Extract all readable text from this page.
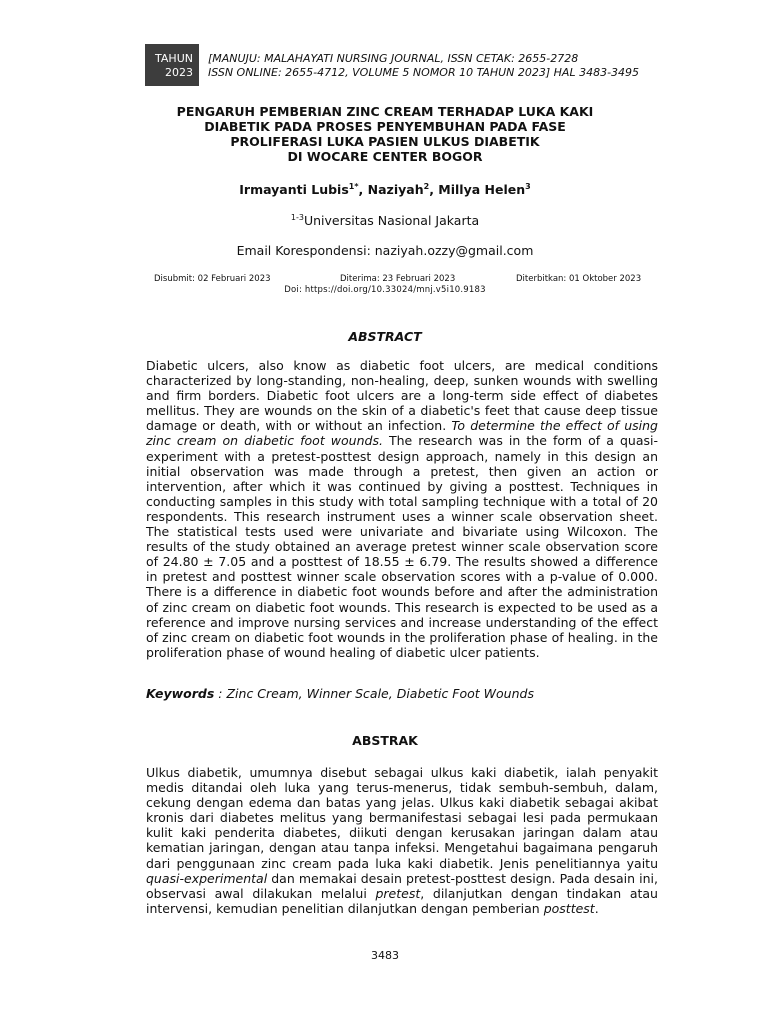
TAHUN
2023
[MANUJU: MALAHAYATI NURSING JOURNAL, ISSN CETAK: 2655-2728
ISSN ONLINE: 2655-4712, VOLUME 5 NOMOR 10 TAHUN 2023] HAL 3483-3495
PENGARUH PEMBERIAN ZINC CREAM TERHADAP LUKA KAKI
DIABETIK PADA PROSES PENYEMBUHAN PADA FASE
PROLIFERASI LUKA PASIEN ULKUS DIABETIK
DI WOCARE CENTER BOGOR
Irmayanti Lubis$^{1*}$, Naziyah$^2$, Millya Helen$^3$
$^{1-3}$Universitas Nasional Jakarta
Email Korespondensi: naziyah.ozzy@gmail.com
Disubmit: 02 Februari 2023	Diterima: 23 Februari 2023	Diterbitkan: 01 Oktober 2023
Doi: https://doi.org/10.33024/mnj.v5i10.9183
ABSTRACT
Diabetic ulcers, also know as diabetic foot ulcers, are medical conditions characterized by long-standing, non-healing, deep, sunken wounds with swelling and firm borders. Diabetic foot ulcers are a long-term side effect of diabetes mellitus. They are wounds on the skin of a diabetic's feet that cause deep tissue damage or death, with or without an infection. To determine the effect of using zinc cream on diabetic foot wounds. The research was in the form of a quasi-experiment with a pretest-posttest design approach, namely in this design an initial observation was made through a pretest, then given an action or intervention, after which it was continued by giving a posttest. Techniques in conducting samples in this study with total sampling technique with a total of 20 respondents. This research instrument uses a winner scale observation sheet. The statistical tests used were univariate and bivariate using Wilcoxon. The results of the study obtained an average pretest winner scale observation score of 24.80 ± 7.05 and a posttest of 18.55 ± 6.79. The results showed a difference in pretest and posttest winner scale observation scores with a p-value of 0.000. There is a difference in diabetic foot wounds before and after the administration of zinc cream on diabetic foot wounds. This research is expected to be used as a reference and improve nursing services and increase understanding of the effect of zinc cream on diabetic foot wounds in the proliferation phase of healing. in the proliferation phase of wound healing of diabetic ulcer patients.
Keywords : Zinc Cream, Winner Scale, Diabetic Foot Wounds
ABSTRAK
Ulkus diabetik, umumnya disebut sebagai ulkus kaki diabetik, ialah penyakit medis ditandai oleh luka yang terus-menerus, tidak sembuh-sembuh, dalam, cekung dengan edema dan batas yang jelas. Ulkus kaki diabetik sebagai akibat kronis dari diabetes melitus yang bermanifestasi sebagai lesi pada permukaan kulit kaki penderita diabetes, diikuti dengan kerusakan jaringan dalam atau kematian jaringan, dengan atau tanpa infeksi. Mengetahui bagaimana pengaruh dari penggunaan zinc cream pada luka kaki diabetik. Jenis penelitiannya yaitu quasi-experimental dan memakai desain pretest-posttest design. Pada desain ini, observasi awal dilakukan melalui pretest, dilanjutkan dengan tindakan atau intervensi, kemudian penelitian dilanjutkan dengan pemberian posttest.
3483
